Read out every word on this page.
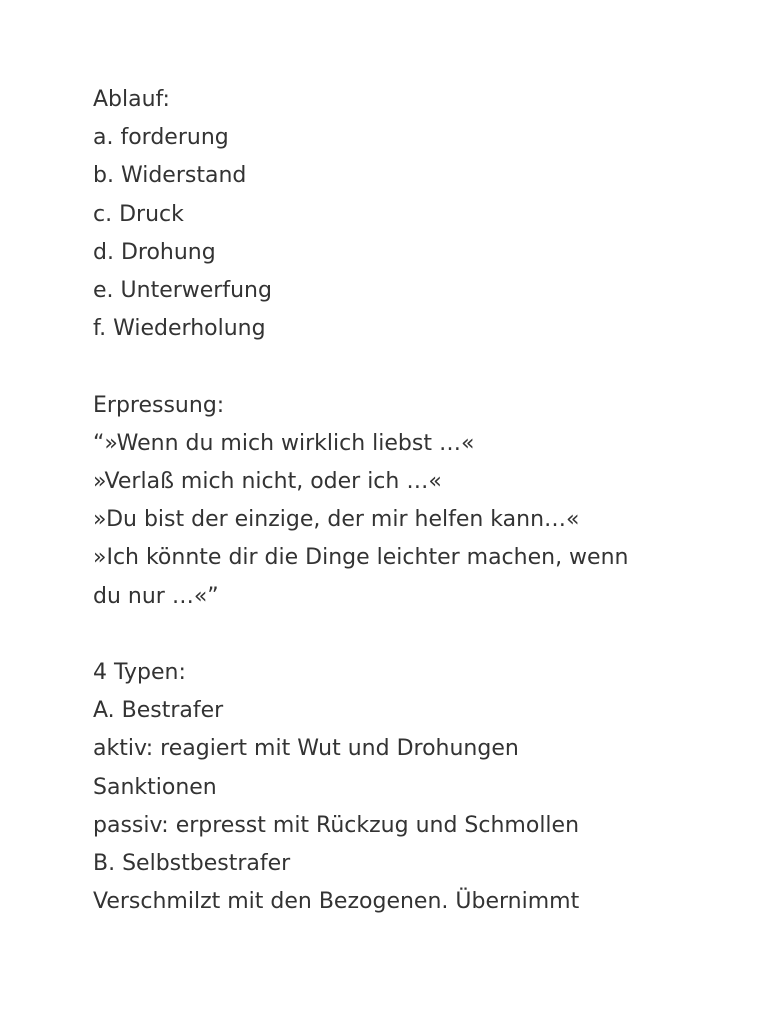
Ablauf:
a. forderung
b. Widerstand
c. Druck
d. Drohung
e. Unterwerfung
f. Wiederholung
Erpressung:
“»Wenn du mich wirklich liebst …«
»Verlaß mich nicht, oder ich …«
»Du bist der einzige, der mir helfen kann…«
»Ich könnte dir die Dinge leichter machen, wenn
du nur …«”
4 Typen:
A. Bestrafer
aktiv: reagiert mit Wut und Drohungen
Sanktionen
passiv: erpresst mit Rückzug und Schmollen
B. Selbstbestrafer
Verschmilzt mit den Bezogenen. Übernimmt
